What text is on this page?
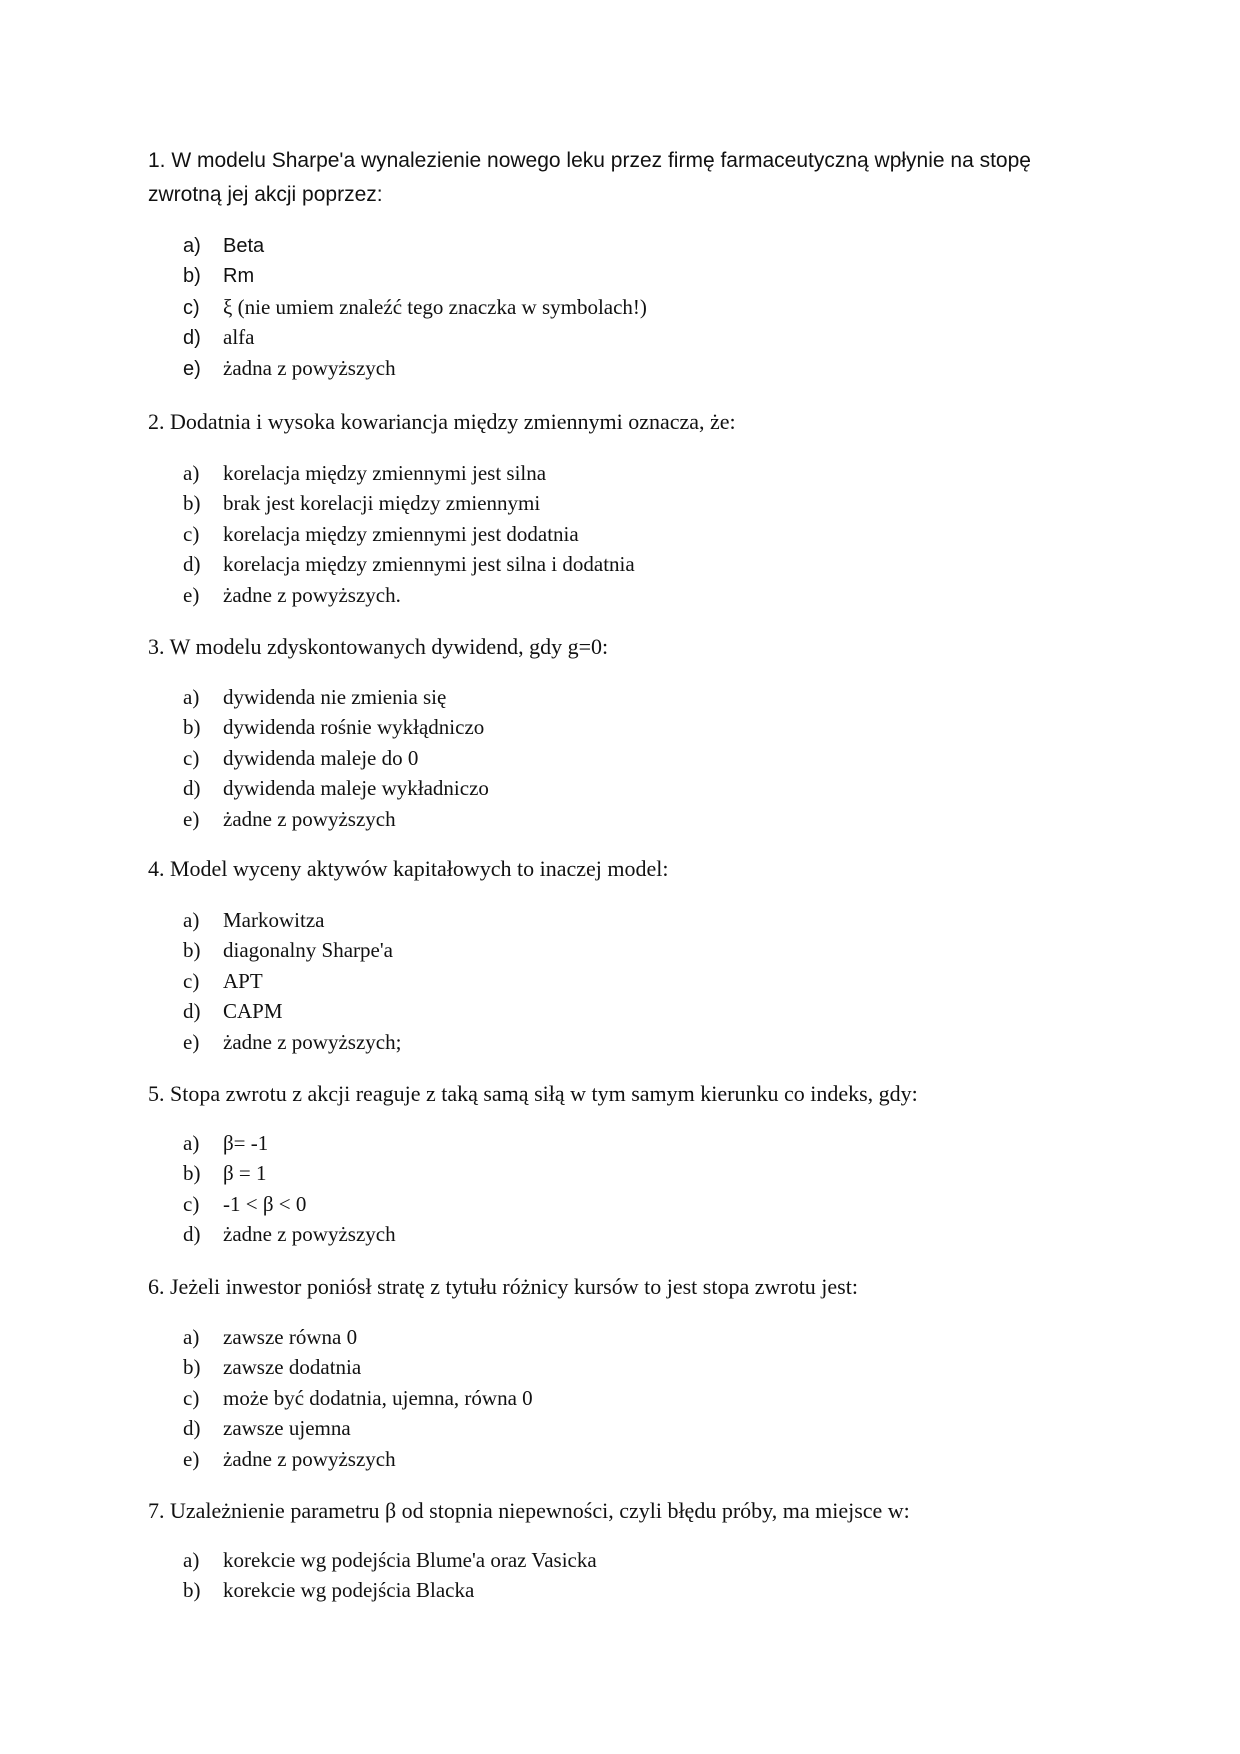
1. W modelu Sharpe'a wynalezienie nowego leku przez firmę farmaceutyczną wpłynie na stopę zwrotną jej akcji poprzez:

a) Beta
b) Rm
c) ξ (nie umiem znaleźć tego znaczka w symbolach!)
d) alfa
e) żadna z powyższych

2. Dodatnia i wysoka kowariancja między zmiennymi oznacza, że:

a) korelacja między zmiennymi jest silna
b) brak jest korelacji między zmiennymi
c) korelacja między zmiennymi jest dodatnia
d) korelacja między zmiennymi jest silna i dodatnia
e) żadne z powyższych.

3. W modelu zdyskontowanych dywidend, gdy g=0:

a) dywidenda nie zmienia się
b) dywidenda rośnie wykłądniczo
c) dywidenda maleje do 0
d) dywidenda maleje wykładniczo
e) żadne z powyższych

4. Model wyceny aktywów kapitałowych to inaczej model:

a) Markowitza
b) diagonalny Sharpe'a
c) APT
d) CAPM
e) żadne z powyższych;

5. Stopa zwrotu z akcji reaguje z taką samą siłą w tym samym kierunku co indeks, gdy:

a) β= -1
b) β = 1
c) -1 < β < 0
d) żadne z powyższych

6. Jeżeli inwestor poniósł stratę z tytułu różnicy kursów to jest stopa zwrotu jest:

a) zawsze równa 0
b) zawsze dodatnia
c) może być dodatnia, ujemna, równa 0
d) zawsze ujemna
e) żadne z powyższych

7. Uzależnienie parametru β od stopnia niepewności, czyli błędu próby, ma miejsce w:

a) korekcie wg podejścia Blume'a oraz Vasicka
b) korekcie wg podejścia Blacka
